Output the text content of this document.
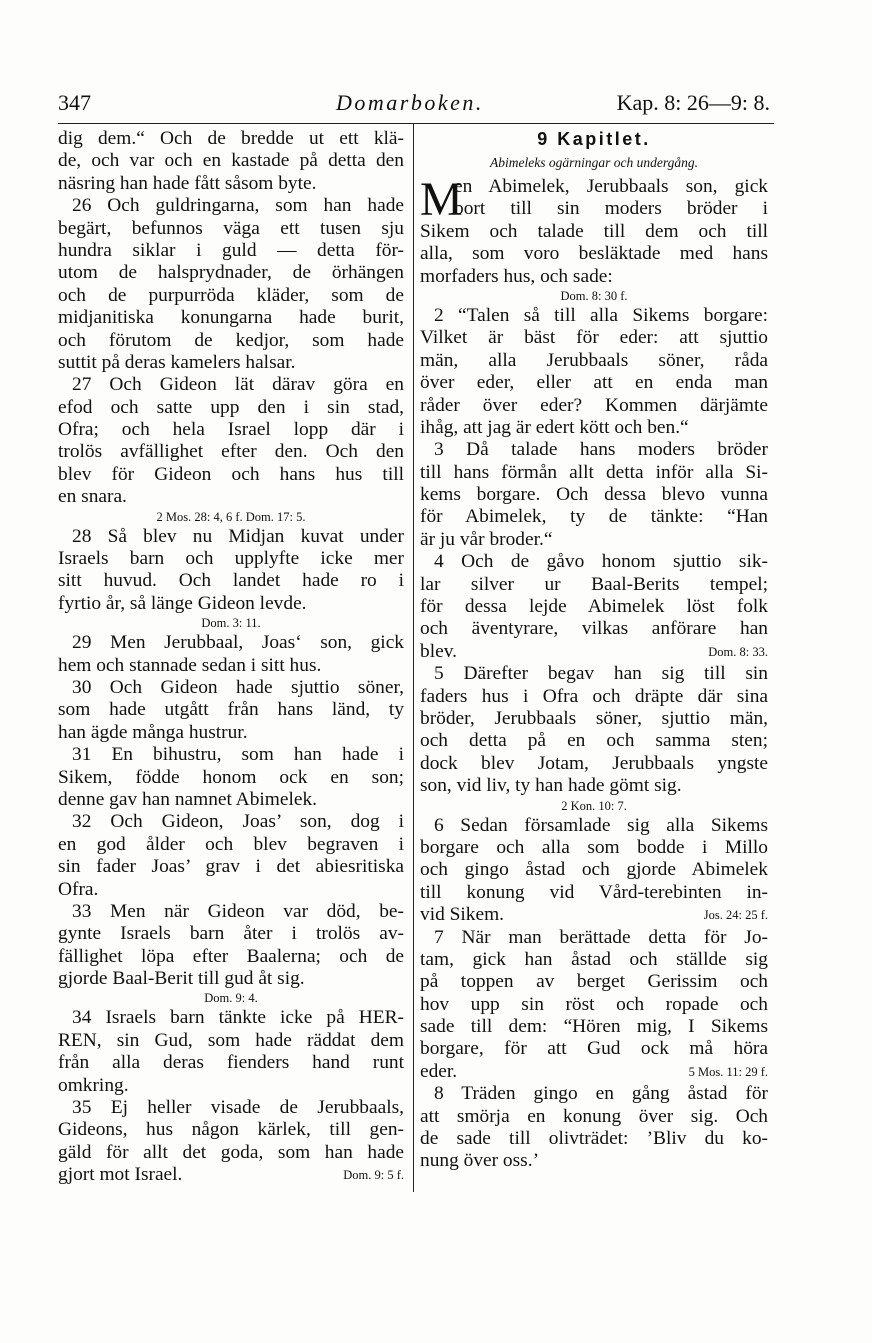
347	Domarboken.	Kap. 8: 26—9: 8.
dig dem.“ Och de bredde ut ett klä-
de, och var och en kastade på detta den
näsring han hade fått såsom byte.
26 Och guldringarna, som han hade
begärt, befunnos väga ett tusen sju
hundra siklar i guld — detta för-
utom de halsprydnader, de örhängen
och de purpurröda kläder, som de
midjanitiska konungarna hade burit,
och förutom de kedjor, som hade
suttit på deras kamelers halsar.
27 Och Gideon lät därav göra en
efod och satte upp den i sin stad,
Ofra; och hela Israel lopp där i
trolös avfällighet efter den. Och den
blev för Gideon och hans hus till
en snara.
2 Mos. 28: 4, 6 f. Dom. 17: 5.
28 Så blev nu Midjan kuvat under
Israels barn och upplyfte icke mer
sitt huvud. Och landet hade ro i
fyrtio år, så länge Gideon levde.
Dom. 3: 11.
29 Men Jerubbaal, Joas‘ son, gick
hem och stannade sedan i sitt hus.
30 Och Gideon hade sjuttio söner,
som hade utgått från hans länd, ty
han ägde många hustrur.
31 En bihustru, som han hade i
Sikem, födde honom ock en son;
denne gav han namnet Abimelek.
32 Och Gideon, Joas’ son, dog i
en god ålder och blev begraven i
sin fader Joas’ grav i det abiesritiska
Ofra.
33 Men när Gideon var död, be-
gynte Israels barn åter i trolös av-
fällighet löpa efter Baalerna; och de
gjorde Baal-Berit till gud åt sig.
Dom. 9: 4.
34 Israels barn tänkte icke på HER-
REN, sin Gud, som hade räddat dem
från alla deras fienders hand runt
omkring.
35 Ej heller visade de Jerubbaals,
Gideons, hus någon kärlek, till gen-
gäld för allt det goda, som han hade
gjort mot Israel.	Dom. 9: 5 f.
9 Kapitlet.
Abimeleks ogärningar och undergång.
M
en Abimelek, Jerubbaals son, gick
bort till sin moders bröder i
Sikem och talade till dem och till
alla, som voro besläktade med hans
morfaders hus, och sade:
Dom. 8: 30 f.
2 “Talen så till alla Sikems borgare:
Vilket är bäst för eder: att sjuttio
män, alla Jerubbaals söner, råda
över eder, eller att en enda man
råder över eder? Kommen därjämte
ihåg, att jag är edert kött och ben.“
3 Då talade hans moders bröder
till hans förmån allt detta inför alla Si-
kems borgare. Och dessa blevo vunna
för Abimelek, ty de tänkte: “Han
är ju vår broder.“
4 Och de gåvo honom sjuttio sik-
lar silver ur Baal-Berits tempel;
för dessa lejde Abimelek löst folk
och äventyrare, vilkas anförare han
blev.	Dom. 8: 33.
5 Därefter begav han sig till sin
faders hus i Ofra och dräpte där sina
bröder, Jerubbaals söner, sjuttio män,
och detta på en och samma sten;
dock blev Jotam, Jerubbaals yngste
son, vid liv, ty han hade gömt sig.
2 Kon. 10: 7.
6 Sedan församlade sig alla Sikems
borgare och alla som bodde i Millo
och gingo åstad och gjorde Abimelek
till konung vid Vård-terebinten in-
vid Sikem.	Jos. 24: 25 f.
7 När man berättade detta för Jo-
tam, gick han åstad och ställde sig
på toppen av berget Gerissim och
hov upp sin röst och ropade och
sade till dem: “Hören mig, I Sikems
borgare, för att Gud ock må höra
eder.	5 Mos. 11: 29 f.
8 Träden gingo en gång åstad för
att smörja en konung över sig. Och
de sade till olivträdet: ’Bliv du ko-
nung över oss.’
